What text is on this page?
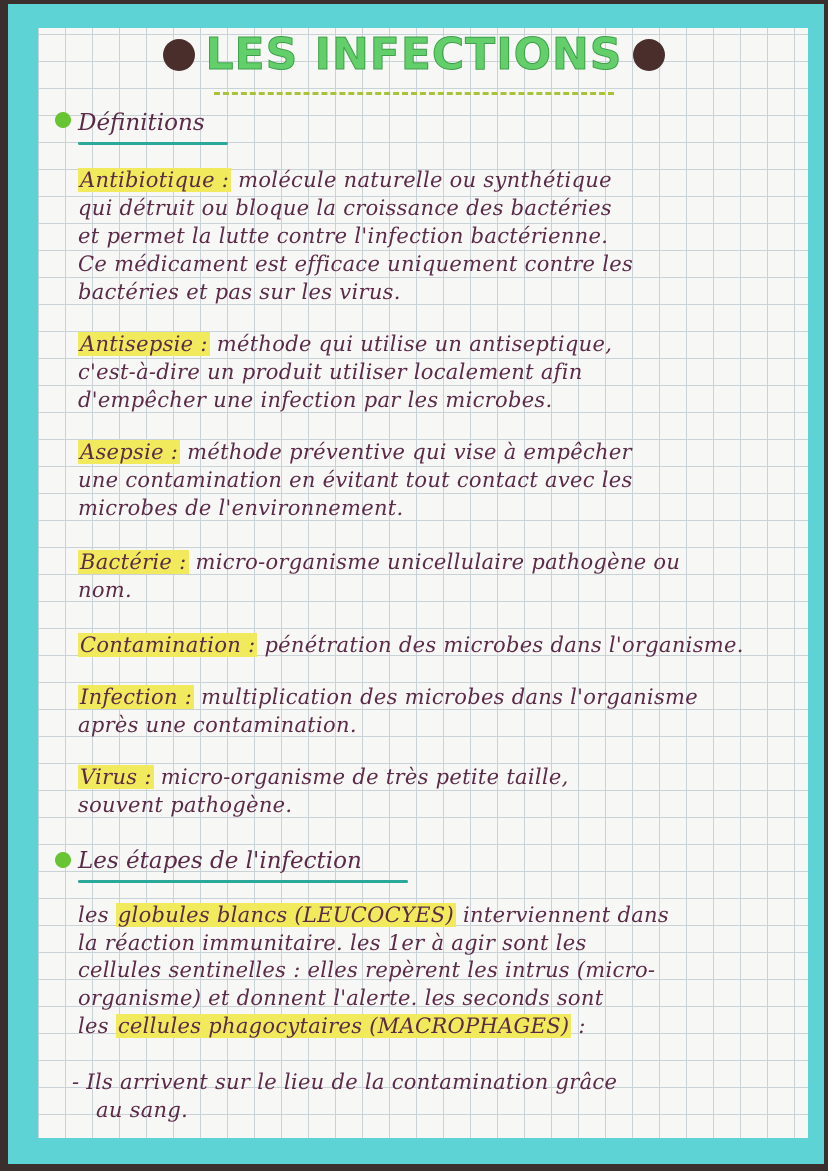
LES INFECTIONS
Définitions
Antibiotique : molécule naturelle ou synthétique
qui détruit ou bloque la croissance des bactéries
et permet la lutte contre l'infection bactérienne.
Ce médicament est efficace uniquement contre les
bactéries et pas sur les virus.
Antisepsie : méthode qui utilise un antiseptique,
c'est-à-dire un produit utiliser localement afin
d'empêcher une infection par les microbes.
Asepsie : méthode préventive qui vise à empêcher
une contamination en évitant tout contact avec les
microbes de l'environnement.
Bactérie : micro-organisme unicellulaire pathogène ou
nom.
Contamination : pénétration des microbes dans l'organisme.
Infection : multiplication des microbes dans l'organisme
après une contamination.
Virus : micro-organisme de très petite taille,
souvent pathogène.
Les étapes de l'infection
les globules blancs (LEUCOCYES) interviennent dans
la réaction immunitaire. les 1er à agir sont les
cellules sentinelles : elles repèrent les intrus (micro-
organisme) et donnent l'alerte. les seconds sont
les cellules phagocytaires (MACROPHAGES) :
- Ils arrivent sur le lieu de la contamination grâce
au sang.
